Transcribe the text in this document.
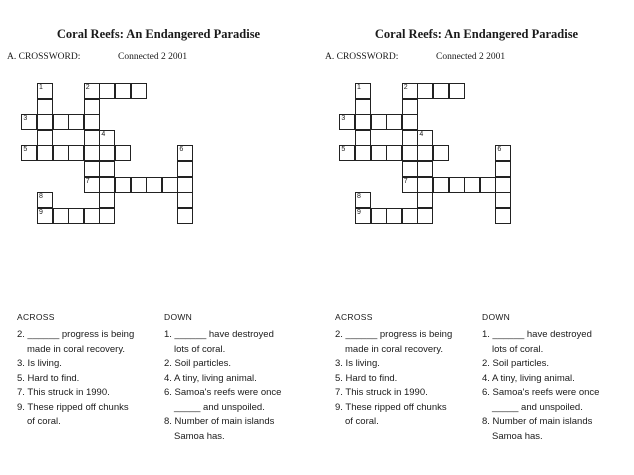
Coral Reefs: An Endangered Paradise
A. CROSSWORD:	Connected 2 2001
1	2
3
4
5	6
7
8
9
ACROSS
2. ______ progress is being
made in coral recovery.
3. Is living.
5. Hard to find.
7. This struck in 1990.
9. These ripped off chunks
of coral.
DOWN
1. ______ have destroyed
lots of coral.
2. Soil particles.
4. A tiny, living animal.
6. Samoa's reefs were once
_____ and unspoiled.
8. Number of main islands
Samoa has.
Coral Reefs: An Endangered Paradise
A. CROSSWORD:	Connected 2 2001
1	2
3
4
5	6
7
8
9
ACROSS
2. ______ progress is being
made in coral recovery.
3. Is living.
5. Hard to find.
7. This struck in 1990.
9. These ripped off chunks
of coral.
DOWN
1. ______ have destroyed
lots of coral.
2. Soil particles.
4. A tiny, living animal.
6. Samoa's reefs were once
_____ and unspoiled.
8. Number of main islands
Samoa has.
